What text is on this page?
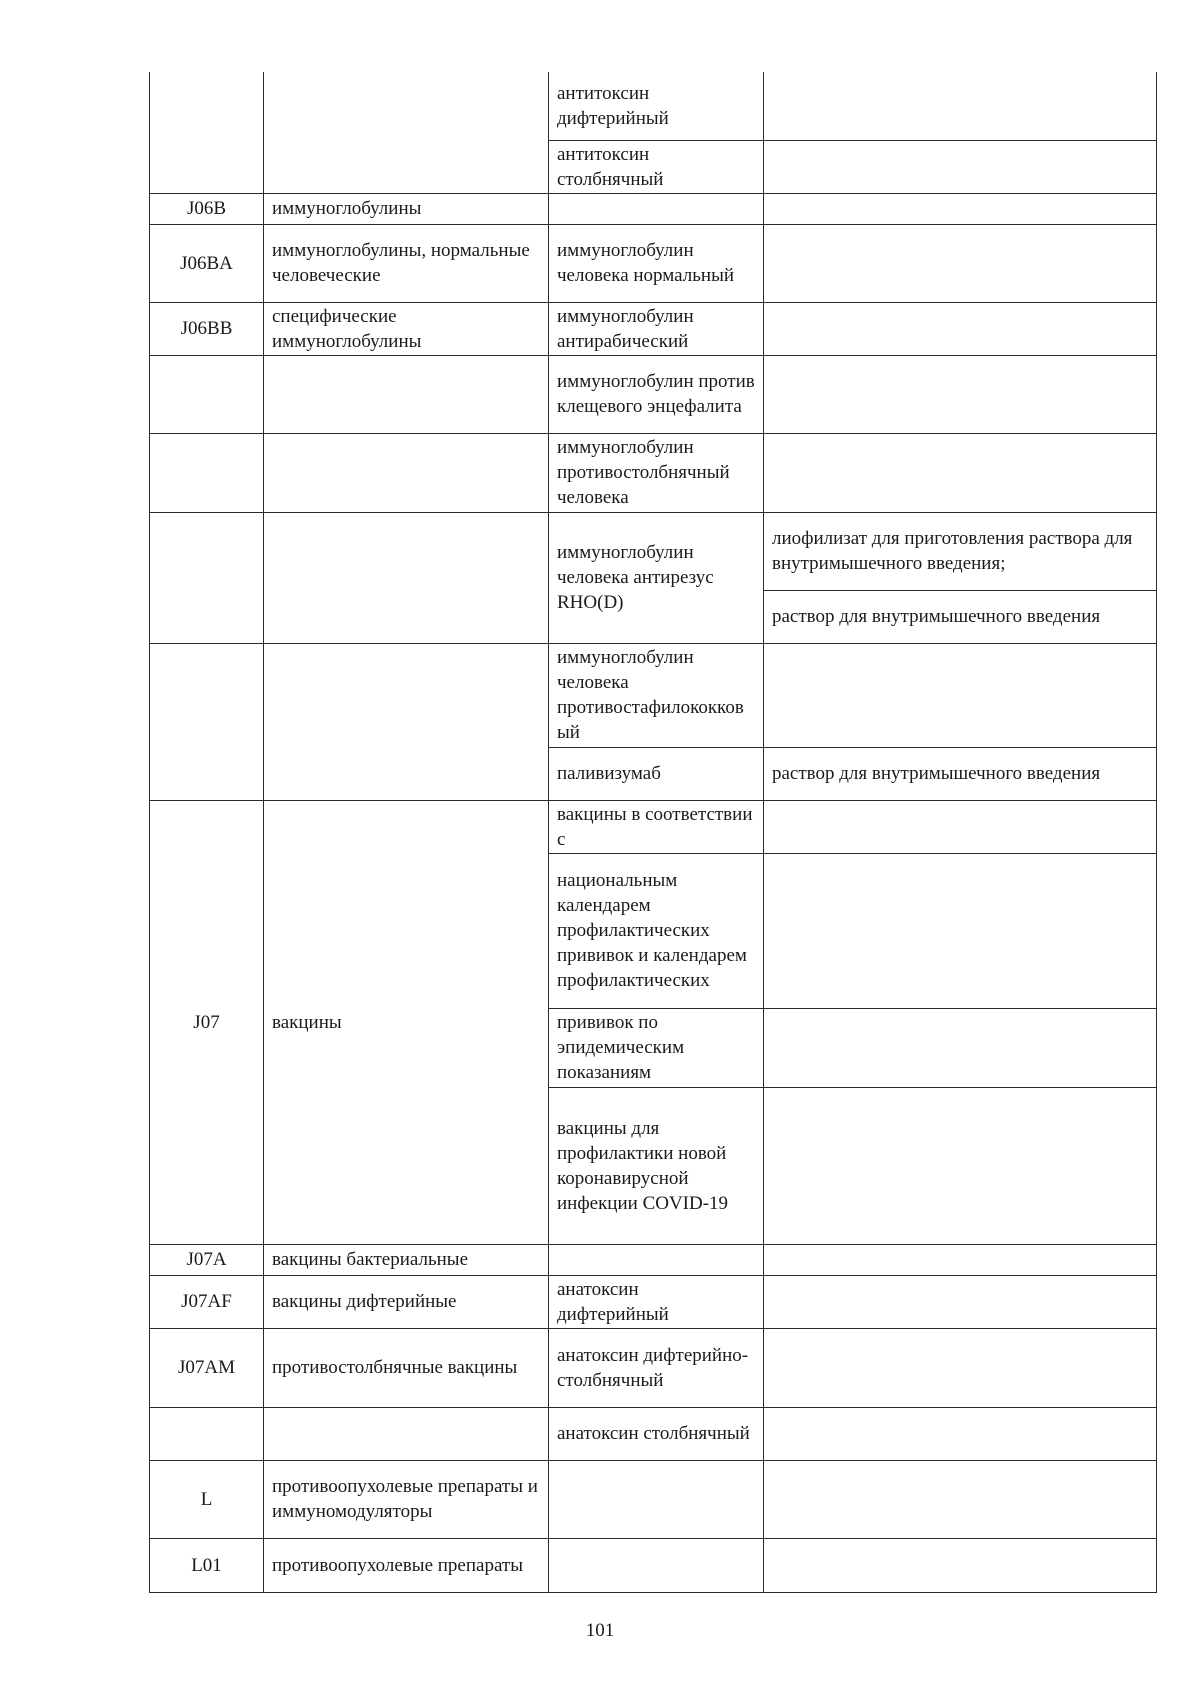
		антитоксин дифтерийный	
		антитоксин столбнячный	
J06B	иммуноглобулины		
J06BA	иммуноглобулины, нормальные человеческие	иммуноглобулин человека нормальный	
J06BB	специфические иммуноглобулины	иммуноглобулин антирабический	
		иммуноглобулин против клещевого энцефалита	
		иммуноглобулин противостолбнячный человека	
		иммуноглобулин человека антирезус RHO(D)	лиофилизат для приготовления раствора для внутримышечного введения;
			раствор для внутримышечного введения
		иммуноглобулин человека противостафилококковый	
		паливизумаб	раствор для внутримышечного введения
J07	вакцины	вакцины в соответствии с	
		национальным календарем профилактических прививок и календарем профилактических	
		прививок по эпидемическим показаниям	
		вакцины для профилактики новой коронавирусной инфекции COVID-19	
J07A	вакцины бактериальные		
J07AF	вакцины дифтерийные	анатоксин дифтерийный	
J07AM	противостолбнячные вакцины	анатоксин дифтерийно-столбнячный	
		анатоксин столбнячный	
L	противоопухолевые препараты и иммуномодуляторы		
L01	противоопухолевые препараты		
101
